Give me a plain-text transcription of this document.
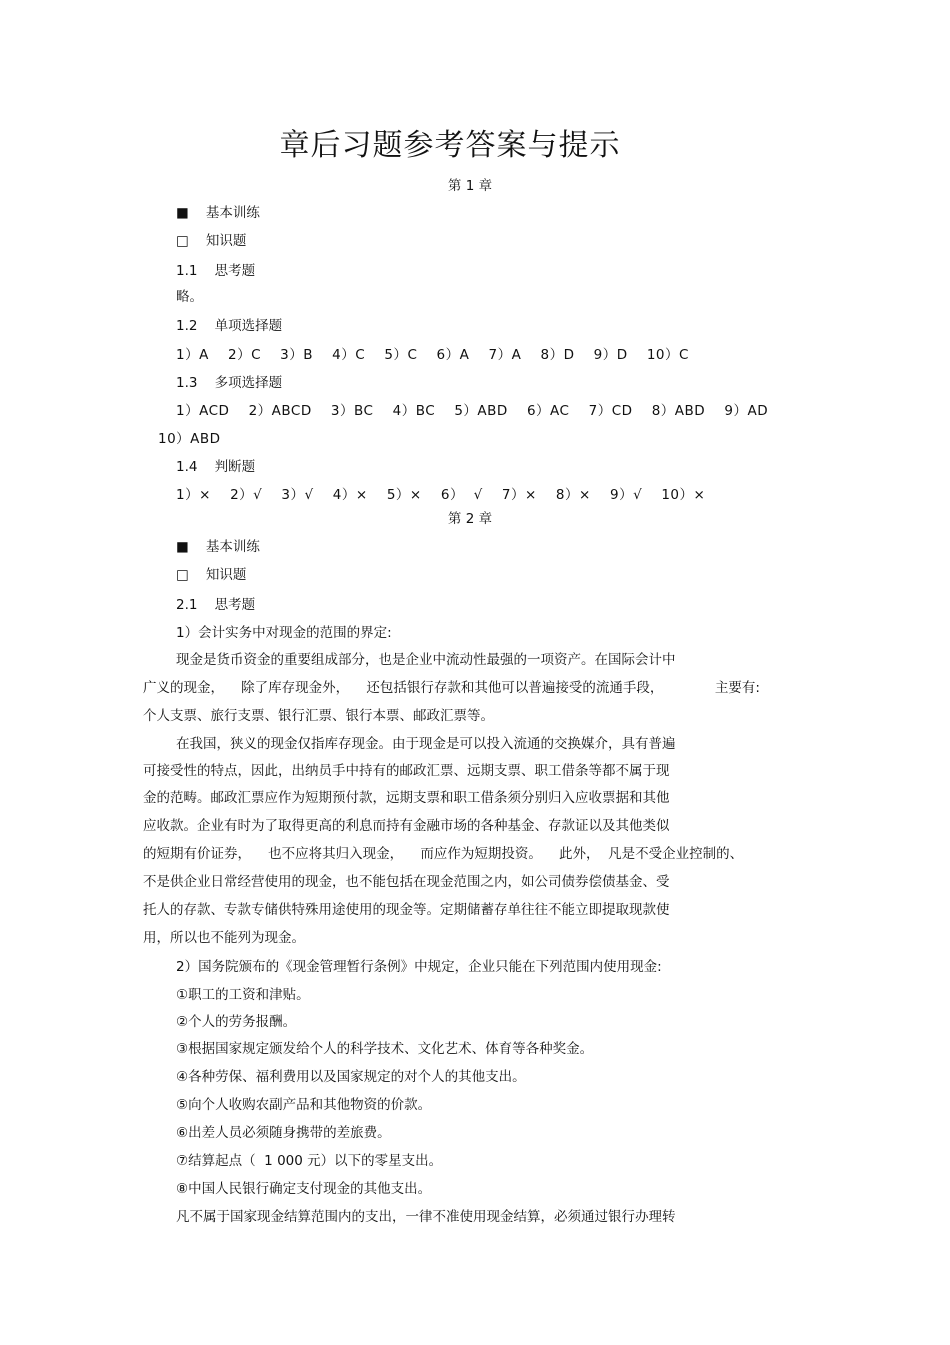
章后习题参考答案与提示
第 1 章
■    基本训练
□    知识题
1.1    思考题
略。
1.2    单项选择题
1）A    2）C    3）B    4）C    5）C    6）A    7）A    8）D    9）D    10）C
1.3    多项选择题
1）ACD    2）ABCD    3）BC    4）BC    5）ABD    6）AC    7）CD    8）ABD    9）AD
10）ABD
1.4    判断题
1）×    2）√    3）√    4）×    5）×    6）  √    7）×    8）×    9）√    10）×
第 2 章
■    基本训练
□    知识题
2.1    思考题
1）会计实务中对现金的范围的界定:
现金是货币资金的重要组成部分，也是企业中流动性最强的一项资产。在国际会计中
广义的现金，    除了库存现金外，    还包括银行存款和其他可以普遍接受的流通手段，            主要有:
个人支票、旅行支票、银行汇票、银行本票、邮政汇票等。
在我国，狭义的现金仅指库存现金。由于现金是可以投入流通的交换媒介，具有普遍
可接受性的特点，因此，出纳员手中持有的邮政汇票、远期支票、职工借条等都不属于现
金的范畴。邮政汇票应作为短期预付款，远期支票和职工借条须分别归入应收票据和其他
应收款。企业有时为了取得更高的利息而持有金融市场的各种基金、存款证以及其他类似
的短期有价证券，    也不应将其归入现金，    而应作为短期投资。    此外，  凡是不受企业控制的、
不是供企业日常经营使用的现金，也不能包括在现金范围之内，如公司债券偿债基金、受
托人的存款、专款专储供特殊用途使用的现金等。定期储蓄存单往往不能立即提取现款使
用，所以也不能列为现金。
2）国务院颁布的《现金管理暂行条例》中规定，企业只能在下列范围内使用现金:
①职工的工资和津贴。
②个人的劳务报酬。
③根据国家规定颁发给个人的科学技术、文化艺术、体育等各种奖金。
④各种劳保、福利费用以及国家规定的对个人的其他支出。
⑤向个人收购农副产品和其他物资的价款。
⑥出差人员必须随身携带的差旅费。
⑦结算起点（  1 000 元）以下的零星支出。
⑧中国人民银行确定支付现金的其他支出。
凡不属于国家现金结算范围内的支出，一律不准使用现金结算，必须通过银行办理转
